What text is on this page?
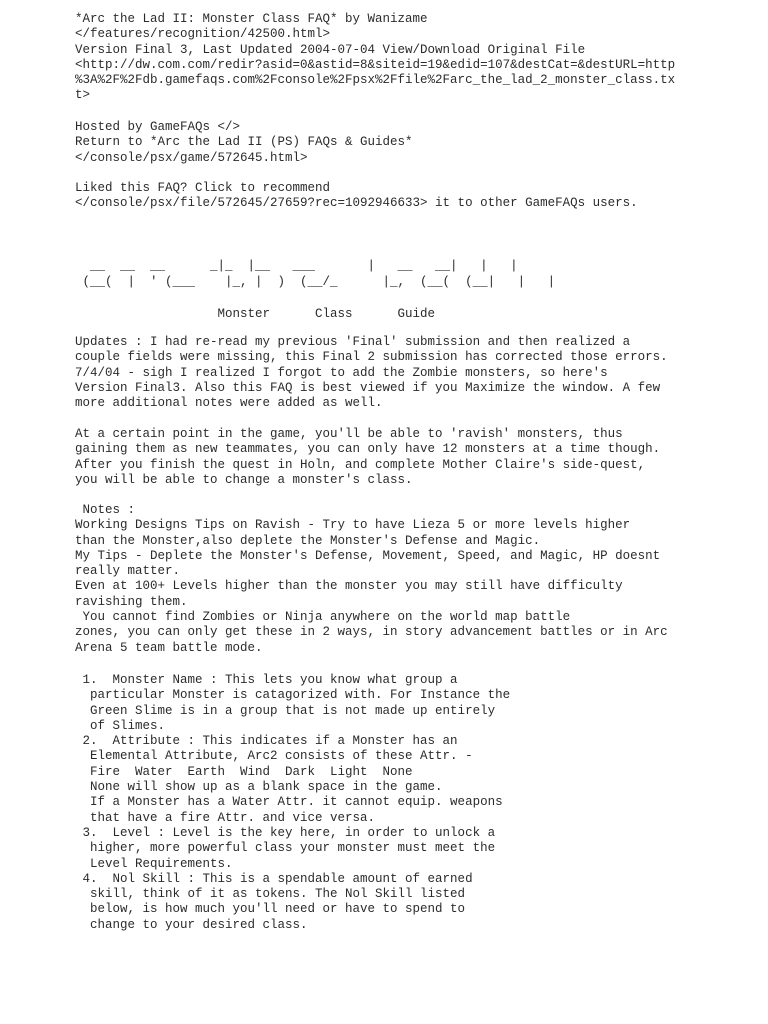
*Arc the Lad II: Monster Class FAQ* by Wanizame
</features/recognition/42500.html>
Version Final 3, Last Updated 2004-07-04 View/Download Original File
<http://dw.com.com/redir?asid=0&astid=8&siteid=19&edid=107&destCat=&destURL=http
%3A%2F%2Fdb.gamefaqs.com%2Fconsole%2Fpsx%2Ffile%2Farc_the_lad_2_monster_class.tx
t>
Hosted by GameFAQs </>
Return to *Arc the Lad II (PS) FAQs & Guides*
</console/psx/game/572645.html>
Liked this FAQ? Click to recommend
</console/psx/file/572645/27659?rec=1092946633> it to other GameFAQs users.
__  __  __      _|_  |__   ___       |   __   __|   |   |
(__(  |  ' (___    |_, |  )  (__/_      |_,  (__(  (__|   |   |

Monster      Class      Guide
Updates : I had re-read my previous 'Final' submission and then realized a
couple fields were missing, this Final 2 submission has corrected those errors.
7/4/04 - sigh I realized I forgot to add the Zombie monsters, so here's
Version Final3. Also this FAQ is best viewed if you Maximize the window. A few
more additional notes were added as well.
At a certain point in the game, you'll be able to 'ravish' monsters, thus
gaining them as new teammates, you can only have 12 monsters at a time though.
After you finish the quest in Holn, and complete Mother Claire's side-quest,
you will be able to change a monster's class.
Notes :
Working Designs Tips on Ravish - Try to have Lieza 5 or more levels higher
than the Monster,also deplete the Monster's Defense and Magic.
My Tips - Deplete the Monster's Defense, Movement, Speed, and Magic, HP doesnt
really matter.
Even at 100+ Levels higher than the monster you may still have difficulty
ravishing them.
You cannot find Zombies or Ninja anywhere on the world map battle
zones, you can only get these in 2 ways, in story advancement battles or in Arc
Arena 5 team battle mode.
1.  Monster Name : This lets you know what group a
particular Monster is catagorized with. For Instance the
Green Slime is in a group that is not made up entirely
of Slimes.
2.  Attribute : This indicates if a Monster has an
Elemental Attribute, Arc2 consists of these Attr. -
Fire  Water  Earth  Wind  Dark  Light  None
None will show up as a blank space in the game.
If a Monster has a Water Attr. it cannot equip. weapons
that have a fire Attr. and vice versa.
3.  Level : Level is the key here, in order to unlock a
higher, more powerful class your monster must meet the
Level Requirements.
4.  Nol Skill : This is a spendable amount of earned
skill, think of it as tokens. The Nol Skill listed
below, is how much you'll need or have to spend to
change to your desired class.
